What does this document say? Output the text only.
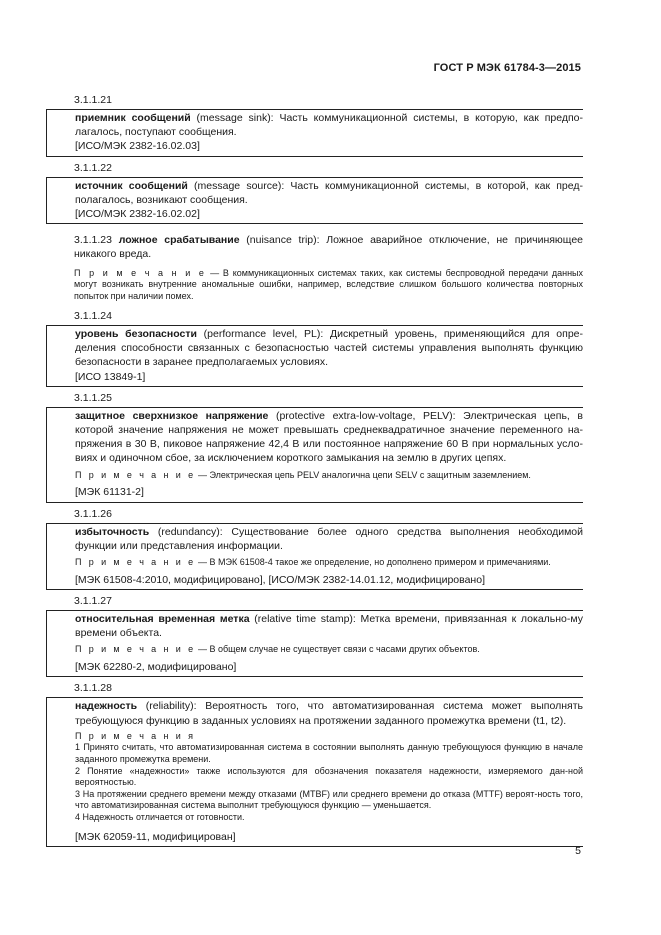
ГОСТ Р МЭК 61784-3—2015
3.1.1.21

приемник сообщений (message sink): Часть коммуникационной системы, в которую, как предпо-лагалось, поступают сообщения.

[ИСО/МЭК 2382-16.02.03]
3.1.1.22

источник сообщений (message source): Часть коммуникационной системы, в которой, как пред-полагалось, возникают сообщения.

[ИСО/МЭК 2382-16.02.02]

3.1.1.23 ложное срабатывание (nuisance trip): Ложное аварийное отключение, не причиняющее никакого вреда.

П р и м е ч а н и е — В коммуникационных системах таких, как системы беспроводной передачи данных могут возникать внутренние аномальные ошибки, например, вследствие слишком большого количества повторных попыток при наличии помех.
3.1.1.24

уровень безопасности (performance level, PL): Дискретный уровень, применяющийся для опре-деления способности связанных с безопасностью частей системы управления выполнять функцию безопасности в заранее предполагаемых условиях.

[ИСО 13849-1]
3.1.1.25

защитное сверхнизкое напряжение (protective extra-low-voltage, PELV): Электрическая цепь, в которой значение напряжения не может превышать среднеквадратичное значение переменного на-пряжения в 30 В, пиковое напряжение 42,4 В или постоянное напряжение 60 В при нормальных усло-виях и одиночном сбое, за исключением короткого замыкания на землю в других цепях.

П р и м е ч а н и е — Электрическая цепь PELV аналогична цепи SELV с защитным заземлением.
[МЭК 61131-2]
3.1.1.26

избыточность (redundancy): Существование более одного средства выполнения необходимой функции или представления информации.

П р и м е ч а н и е — В МЭК 61508-4 такое же определение, но дополнено примером и примечаниями.
[МЭК 61508-4:2010, модифицировано], [ИСО/МЭК 2382-14.01.12, модифицировано]
3.1.1.27

относительная временная метка (relative time stamp): Метка времени, привязанная к локально-му времени объекта.

П р и м е ч а н и е — В общем случае не существует связи с часами других объектов.
[МЭК 62280-2, модифицировано]
3.1.1.28

надежность (reliability): Вероятность того, что автоматизированная система может выполнять требующуюся функцию в заданных условиях на протяжении заданного промежутка времени (t1, t2).

П р и м е ч а н и я
1 Принято считать, что автоматизированная система в состоянии выполнять данную требующуюся функцию в начале заданного промежутка времени.
2 Понятие «надежности» также используются для обозначения показателя надежности, измеряемого дан-ной вероятностью.
3 На протяжении среднего времени между отказами (MTBF) или среднего времени до отказа (MTTF) вероят-ность того, что автоматизированная система выполнит требующуюся функцию — уменьшается.
4 Надежность отличается от готовности.
[МЭК 62059-11, модифицирован]
5
